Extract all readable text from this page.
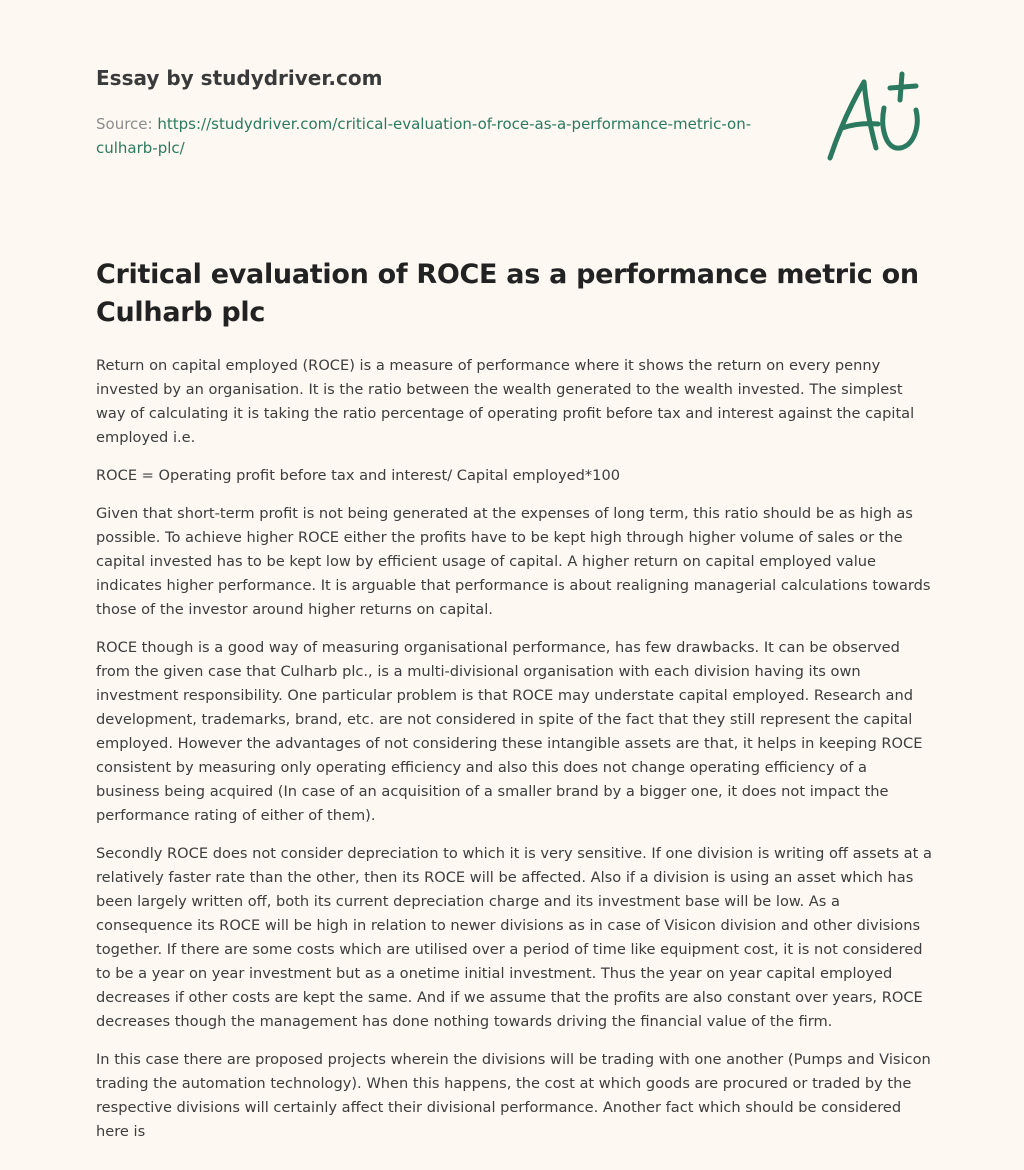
Essay by studydriver.com
Source: https://studydriver.com/critical-evaluation-of-roce-as-a-performance-metric-on-
culharb-plc/
Critical evaluation of ROCE as a performance metric on Culharb plc

Return on capital employed (ROCE) is a measure of performance where it shows the return on every penny invested by an organisation. It is the ratio between the wealth generated to the wealth invested. The simplest way of calculating it is taking the ratio percentage of operating profit before tax and interest against the capital employed i.e.

ROCE = Operating profit before tax and interest/ Capital employed*100

Given that short-term profit is not being generated at the expenses of long term, this ratio should be as high as possible. To achieve higher ROCE either the profits have to be kept high through higher volume of sales or the capital invested has to be kept low by efficient usage of capital. A higher return on capital employed value indicates higher performance. It is arguable that performance is about realigning managerial calculations towards those of the investor around higher returns on capital.

ROCE though is a good way of measuring organisational performance, has few drawbacks. It can be observed from the given case that Culharb plc., is a multi-divisional organisation with each division having its own investment responsibility. One particular problem is that ROCE may understate capital employed. Research and development, trademarks, brand, etc. are not considered in spite of the fact that they still represent the capital employed. However the advantages of not considering these intangible assets are that, it helps in keeping ROCE consistent by measuring only operating efficiency and also this does not change operating efficiency of a business being acquired (In case of an acquisition of a smaller brand by a bigger one, it does not impact the performance rating of either of them).

Secondly ROCE does not consider depreciation to which it is very sensitive. If one division is writing off assets at a relatively faster rate than the other, then its ROCE will be affected. Also if a division is using an asset which has been largely written off, both its current depreciation charge and its investment base will be low. As a consequence its ROCE will be high in relation to newer divisions as in case of Visicon division and other divisions together. If there are some costs which are utilised over a period of time like equipment cost, it is not considered to be a year on year investment but as a onetime initial investment. Thus the year on year capital employed decreases if other costs are kept the same. And if we assume that the profits are also constant over years, ROCE decreases though the management has done nothing towards driving the financial value of the firm.

In this case there are proposed projects wherein the divisions will be trading with one another (Pumps and Visicon trading the automation technology). When this happens, the cost at which goods are procured or traded by the respective divisions will certainly affect their divisional performance. Another fact which should be considered here is
